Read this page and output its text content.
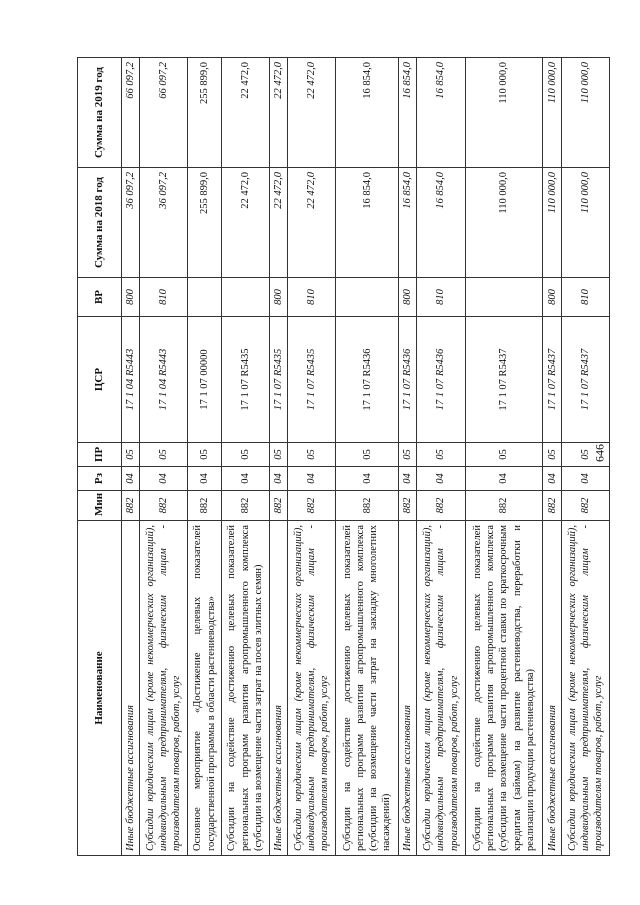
646
Наименование	Мин	Рз	ПР	ЦСР	ВР	Сумма на 2018 год	Сумма на 2019 год
Иные бюджетные ассигнования	882	04	05	17 1 04 R5443	800	36 097,2	66 097,2
Субсидии юридическим лицам (кроме некоммерческих организаций), индивидуальным предпринимателям, физическим лицам - производителям товаров, работ, услуг	882	04	05	17 1 04 R5443	810	36 097,2	66 097,2
Основное мероприятие «Достижение целевых показателей государственной программы в области растениеводства»	882	04	05	17 1 07 00000		255 899,0	255 899,0
Субсидии на содействие достижению целевых показателей региональных программ развития агропромышленного комплекса (субсидии на возмещение части затрат на посев элитных семян)	882	04	05	17 1 07 R5435		22 472,0	22 472,0
Иные бюджетные ассигнования	882	04	05	17 1 07 R5435	800	22 472,0	22 472,0
Субсидии юридическим лицам (кроме некоммерческих организаций), индивидуальным предпринимателям, физическим лицам - производителям товаров, работ, услуг	882	04	05	17 1 07 R5435	810	22 472,0	22 472,0
Субсидии на содействие достижению целевых показателей региональных программ развития агропромышленного комплекса (субсидии на возмещение части затрат на закладку многолетних насаждений)	882	04	05	17 1 07 R5436		16 854,0	16 854,0
Иные бюджетные ассигнования	882	04	05	17 1 07 R5436	800	16 854,0	16 854,0
Субсидии юридическим лицам (кроме некоммерческих организаций), индивидуальным предпринимателям, физическим лицам - производителям товаров, работ, услуг	882	04	05	17 1 07 R5436	810	16 854,0	16 854,0
Субсидии на содействие достижению целевых показателей региональных программ развития агропромышленного комплекса (субсидии на возмещение части процентной ставки по краткосрочным кредитам (займам) на развитие растениеводства, переработки и реализации продукции растениеводства)	882	04	05	17 1 07 R5437		110 000,0	110 000,0
Иные бюджетные ассигнования	882	04	05	17 1 07 R5437	800	110 000,0	110 000,0
Субсидии юридическим лицам (кроме некоммерческих организаций), индивидуальным предпринимателям, физическим лицам - производителям товаров, работ, услуг	882	04	05	17 1 07 R5437	810	110 000,0	110 000,0
